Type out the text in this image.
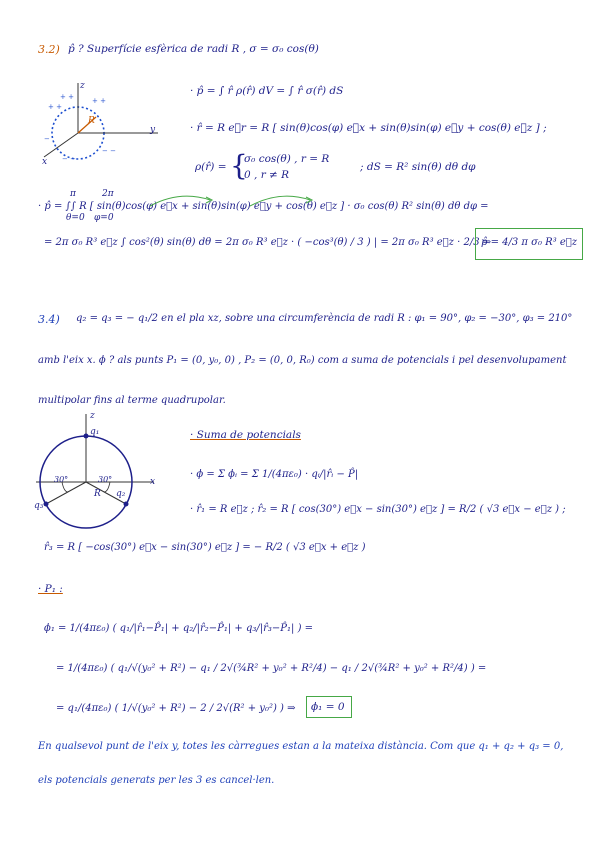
3.2) p̂ ? Superfície esfèrica de radi R , σ = σ₀ cos(θ)
+ +
+ +	+ +
−
− −
− −
z
y
x
R
· p̂ = ∫ r̂ ρ(r̂) dV = ∫ r̂ σ(r̂) dS
· r̂ = R e⃗r = R [ sin(θ)cos(φ) e⃗x + sin(θ)sin(φ) e⃗y + cos(θ) e⃗z ] ;
ρ(r̂) = {
σ₀ cos(θ) , r = R
0 , r ≠ R
; dS = R² sin(θ) dθ dφ
π	2π
θ=0 φ=0
· p̂ = ∫∫ R [ sin(θ)cos(φ) e⃗x + sin(θ)sin(φ) e⃗y + cos(θ) e⃗z ] · σ₀ cos(θ) R² sin(θ) dθ dφ =
= 2π σ₀ R³ e⃗z ∫ cos²(θ) sin(θ) dθ = 2π σ₀ R³ e⃗z · ( −cos³(θ) / 3 ) | = 2π σ₀ R³ e⃗z · 2/3 ⇒
p̂ = 4/3 π σ₀ R³ e⃗z
3.4) q₂ = q₃ = − q₁/2 en el pla xz, sobre una circumferència de radi R : φ₁ = 90°, φ₂ = −30°, φ₃ = 210°
amb l'eix x. ϕ ? als punts P₁ = (0, y₀, 0) , P₂ = (0, 0, R₀) com a suma de potencials i pel desenvolupament
multipolar fins al terme quadrupolar.
z
x
q₁
q₂
q₃
R
30°	30°
· Suma de potencials
· ϕ = Σ ϕᵢ = Σ 1/(4πε₀) · qᵢ/|r̂ᵢ − P̂|
· r̂₁ = R e⃗z ; r̂₂ = R [ cos(30°) e⃗x − sin(30°) e⃗z ] = R/2 ( √3 e⃗x − e⃗z ) ;
r̂₃ = R [ −cos(30°) e⃗x − sin(30°) e⃗z ] = − R/2 ( √3 e⃗x + e⃗z )
· P₁ :
ϕ₁ = 1/(4πε₀) ( q₁/|r̂₁−P̂₁| + q₂/|r̂₂−P̂₁| + q₃/|r̂₃−P̂₁| ) =
= 1/(4πε₀) ( q₁/√(y₀² + R²) − q₁ / 2√(¾R² + y₀² + R²/4) − q₁ / 2√(¾R² + y₀² + R²/4) ) =
= q₁/(4πε₀) ( 1/√(y₀² + R²) − 2 / 2√(R² + y₀²) ) ⇒ ϕ₁ = 0
En qualsevol punt de l'eix y, totes les càrregues estan a la mateixa distància. Com que q₁ + q₂ + q₃ = 0,
els potencials generats per les 3 es cancel·len.
